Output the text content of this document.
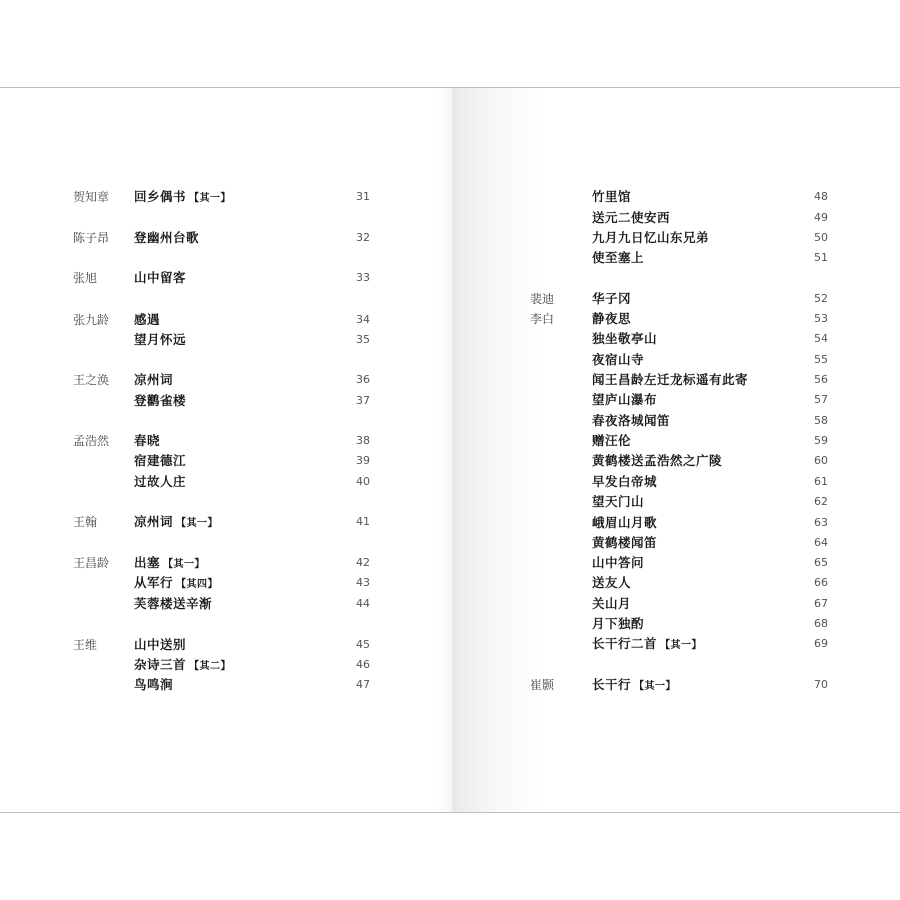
贺知章 回乡偶书 【其一】	31
陈子昂 登幽州台歌	32
张旭	山中留客	33
张九龄 感遇	34
望月怀远	35
王之涣 凉州词	36
登鹳雀楼	37
孟浩然 春晓	38
宿建德江	39
过故人庄	40
王翰	凉州词 【其一】	41
王昌龄 出塞 【其一】	42
从军行 【其四】	43
芙蓉楼送辛渐	44
王维	山中送别	45
杂诗三首 【其二】	46
鸟鸣涧	47
竹里馆	48
送元二使安西	49
九月九日忆山东兄弟	50
使至塞上	51
裴迪	华子冈	52
李白	静夜思	53
独坐敬亭山	54
夜宿山寺	55
闻王昌龄左迁龙标遥有此寄	56
望庐山瀑布	57
春夜洛城闻笛	58
赠汪伦	59
黄鹤楼送孟浩然之广陵	60
早发白帝城	61
望天门山	62
峨眉山月歌	63
黄鹤楼闻笛	64
山中答问	65
送友人	66
关山月	67
月下独酌	68
长干行二首 【其一】	69
崔颢	长干行 【其一】	70
